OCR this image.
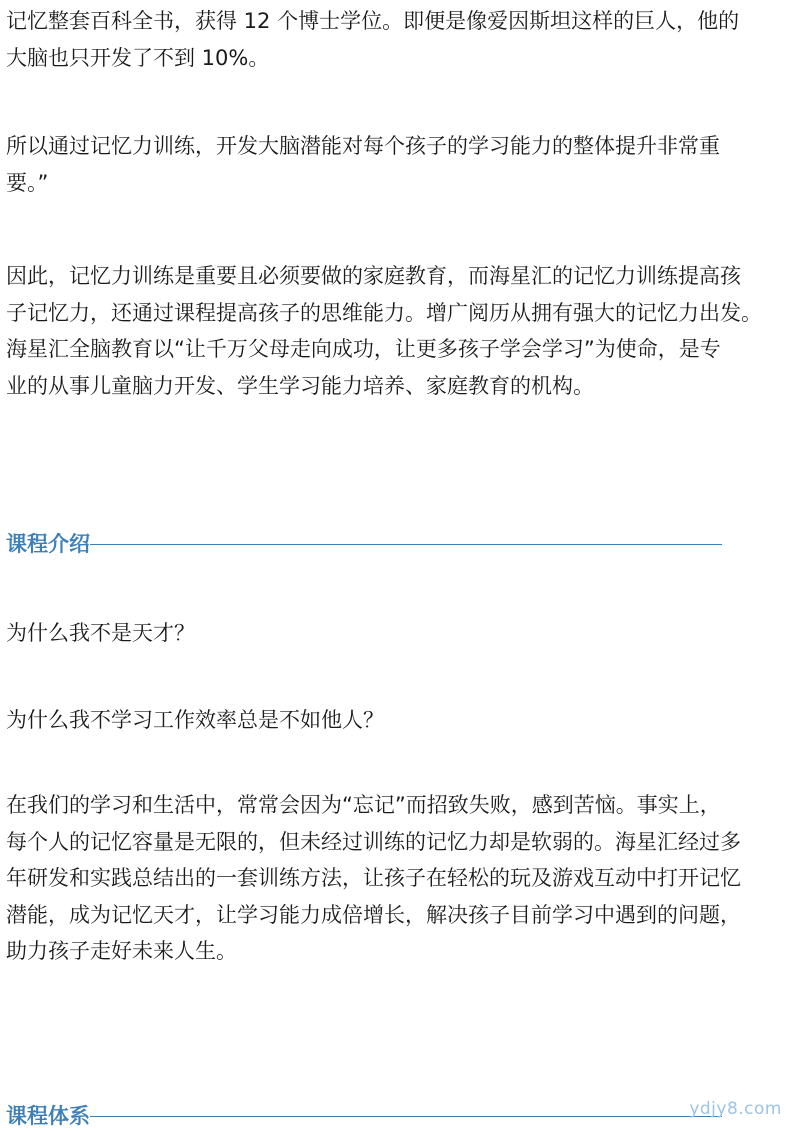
记忆整套百科全书，获得 12 个博士学位。即便是像爱因斯坦这样的巨人，他的
大脑也只开发了不到 10%。

所以通过记忆力训练，开发大脑潜能对每个孩子的学习能力的整体提升非常重
要。”

因此，记忆力训练是重要且必须要做的家庭教育，而海星汇的记忆力训练提高孩
子记忆力，还通过课程提高孩子的思维能力。增广阅历从拥有强大的记忆力出发。
海星汇全脑教育以“让千万父母走向成功，让更多孩子学会学习”为使命，是专
业的从事儿童脑力开发、学生学习能力培养、家庭教育的机构。

课程介绍

为什么我不是天才？

为什么我不学习工作效率总是不如他人？

在我们的学习和生活中，常常会因为“忘记”而招致失败，感到苦恼。事实上，
每个人的记忆容量是无限的，但未经过训练的记忆力却是软弱的。海星汇经过多
年研发和实践总结出的一套训练方法，让孩子在轻松的玩及游戏互动中打开记忆
潜能，成为记忆天才，让学习能力成倍增长，解决孩子目前学习中遇到的问题，
助力孩子走好未来人生。

课程体系	ydjy8.com
